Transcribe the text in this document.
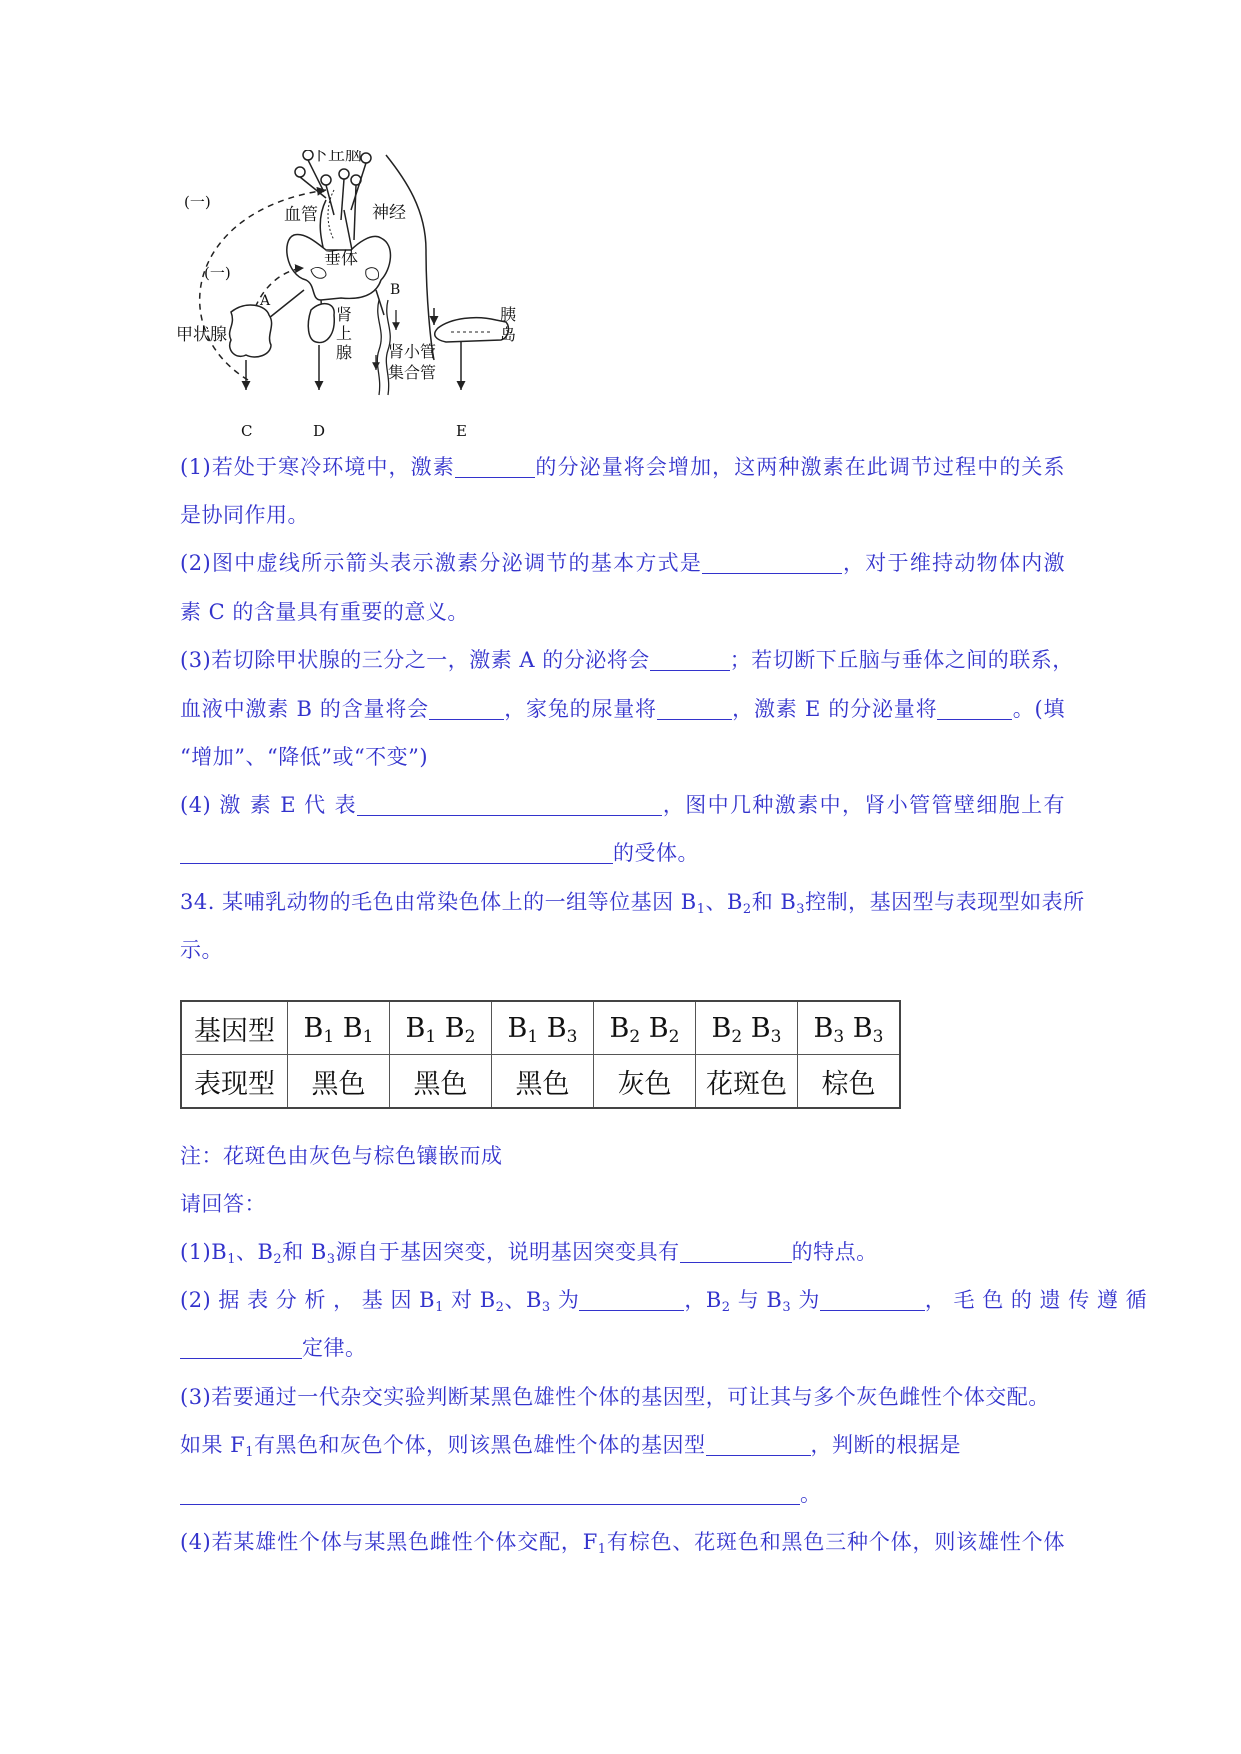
下丘脑
(一)
(一)
血管	神经
垂体
A
B
甲状腺
肾
上
腺 肾小管
集合管
胰
岛
C	D	E
(1)若处于寒冷环境中，激素	的分泌量将会增加，这两种激素在此调节过程中的关系
是协同作用。
(2)图中虚线所示箭头表示激素分泌调节的基本方式是	，对于维持动物体内激
素 C 的含量具有重要的意义。
(3)若切除甲状腺的三分之一，激素 A 的分泌将会	；若切断下丘脑与垂体之间的联系，
血液中激素 B 的含量将会	，家兔的尿量将	，激素 E 的分泌量将	。(填
“增加”、“降低”或“不变”)
(4) 激 素 E 代 表	，图中几种激素中，肾小管管壁细胞上有
的受体。
34. 某哺乳动物的毛色由常染色体上的一组等位基因 $B_1$、$B_2$和 $B_3$控制，基因型与表现型如表所
示。
基因型	$B_1$ $B_1$	$B_1$ $B_2$	$B_1$ $B_3$	$B_2$ $B_2$	$B_2$ $B_3$	$B_3$ $B_3$
表现型	黑色	黑色	黑色	灰色	花斑色	棕色
注：花斑色由灰色与棕色镶嵌而成
请回答：
$(1)B_1$、$B_2$和 $B_3$源自于基因突变，说明基因突变具有	的特点。
(2) 据 表 分 析 ， 基 因 $B_1$ 对 $B_2$、$B_3$ 为	，$B_2$ 与 $B_3$ 为	， 毛 色 的 遗 传 遵 循
定律。
(3)若要通过一代杂交实验判断某黑色雄性个体的基因型，可让其与多个灰色雌性个体交配。
如果 $F_1$有黑色和灰色个体，则该黑色雄性个体的基因型	，判断的根据是
。
(4)若某雄性个体与某黑色雌性个体交配，$F_1$有棕色、花斑色和黑色三种个体，则该雄性个体
